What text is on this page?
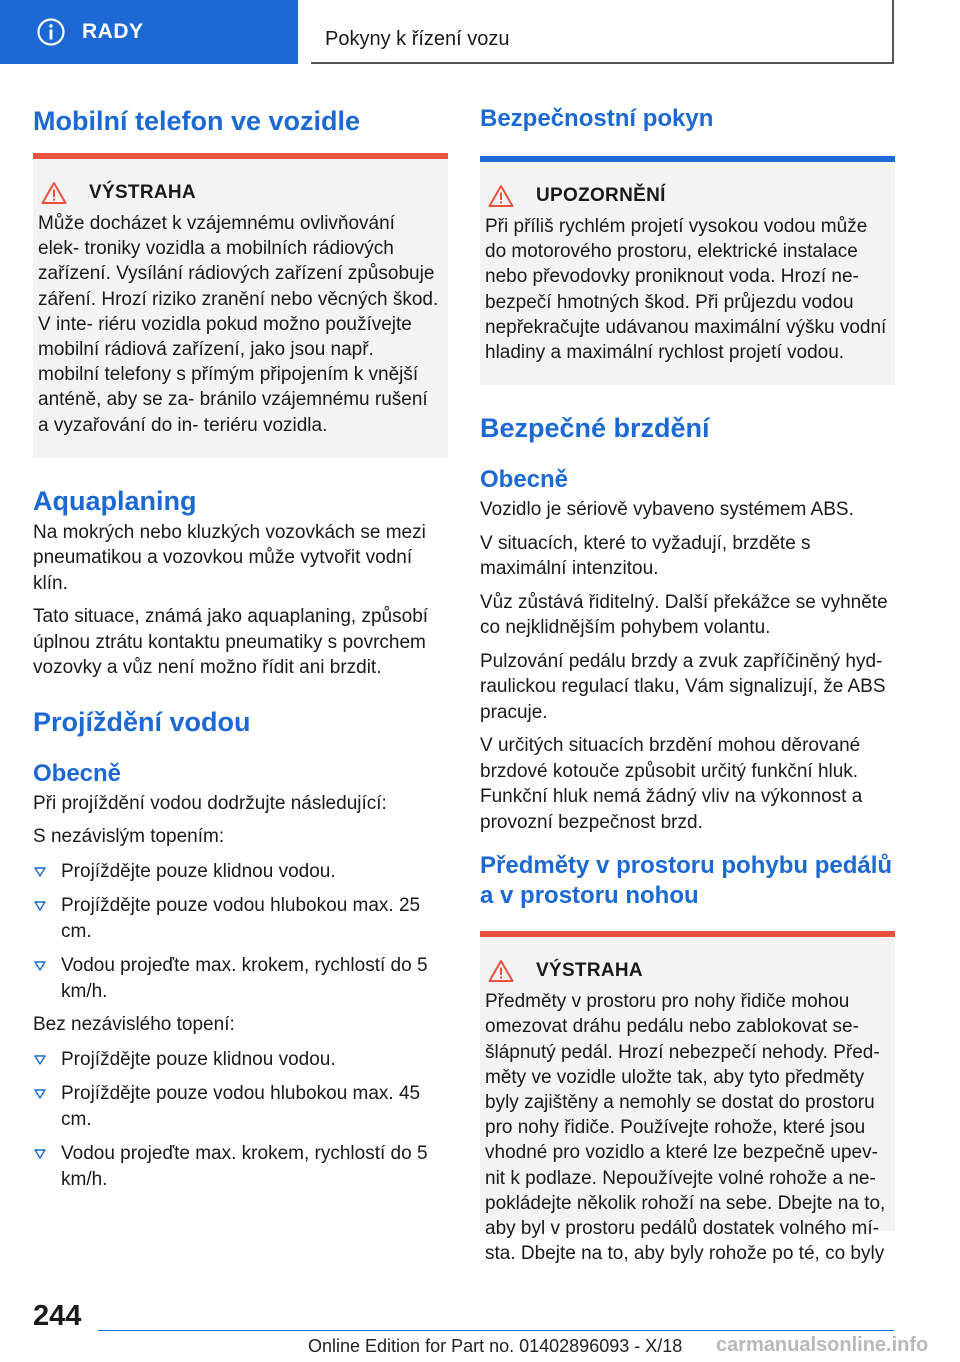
RADY	Pokyny k řízení vozu
Mobilní telefon ve vozidle
VÝSTRAHA
Může docházet k vzájemnému ovlivňování elek- troniky vozidla a mobilních rádiových zařízení. Vysílání rádiových zařízení způsobuje záření. Hrozí riziko zranění nebo věcných škod. V inte- riéru vozidla pokud možno používejte mobilní rádiová zařízení, jako jsou např. mobilní telefony s přímým připojením k vnější anténě, aby se za- bránilo vzájemnému rušení a vyzařování do in- teriéru vozidla.
Aquaplaning

Na mokrých nebo kluzkých vozovkách se mezi pneumatikou a vozovkou může vytvořit vodní klín.

Tato situace, známá jako aquaplaning, způsobí úplnou ztrátu kontaktu pneumatiky s povrchem vozovky a vůz není možno řídit ani brzdit.

Projíždění vodou
Obecně

Při projíždění vodou dodržujte následující:

S nezávislým topením:

Projíždějte pouze klidnou vodou.
Projíždějte pouze vodou hlubokou max. 25 cm.
Vodou projeďte max. krokem, rychlostí do 5 km/h.

Bez nezávislého topení:

Projíždějte pouze klidnou vodou.
Projíždějte pouze vodou hlubokou max. 45 cm.
Vodou projeďte max. krokem, rychlostí do 5 km/h.
Bezpečnostní pokyn
UPOZORNĚNÍ
Při příliš rychlém projetí vysokou vodou může do motorového prostoru, elektrické instalace nebo převodovky proniknout voda. Hrozí ne- bezpečí hmotných škod. Při průjezdu vodou nepřekračujte udávanou maximální výšku vodní hladiny a maximální rychlost projetí vodou.
Bezpečné brzdění
Obecně

Vozidlo je sériově vybaveno systémem ABS.

V situacích, které to vyžadují, brzděte s maximální intenzitou.

Vůz zůstává řiditelný. Další překážce se vyhněte co nejklidnějším pohybem volantu.

Pulzování pedálu brzdy a zvuk zapříčiněný hyd- raulickou regulací tlaku, Vám signalizují, že ABS pracuje.

V určitých situacích brzdění mohou děrované brzdové kotouče způsobit určitý funkční hluk. Funkční hluk nemá žádný vliv na výkonnost a provozní bezpečnost brzd.

Předměty v prostoru pohybu pedálů a v prostoru nohou
VÝSTRAHA
Předměty v prostoru pro nohy řidiče mohou omezovat dráhu pedálu nebo zablokovat se- šlápnutý pedál. Hrozí nebezpečí nehody. Před- měty ve vozidle uložte tak, aby tyto předměty byly zajištěny a nemohly se dostat do prostoru pro nohy řidiče. Používejte rohože, které jsou vhodné pro vozidlo a které lze bezpečně upev- nit k podlaze. Nepoužívejte volné rohože a ne- pokládejte několik rohoží na sebe. Dbejte na to, aby byl v prostoru pedálů dostatek volného mí- sta. Dbejte na to, aby byly rohože po té, co byly
244
Online Edition for Part no. 01402896093 - X/18 carmanualsonline.info
